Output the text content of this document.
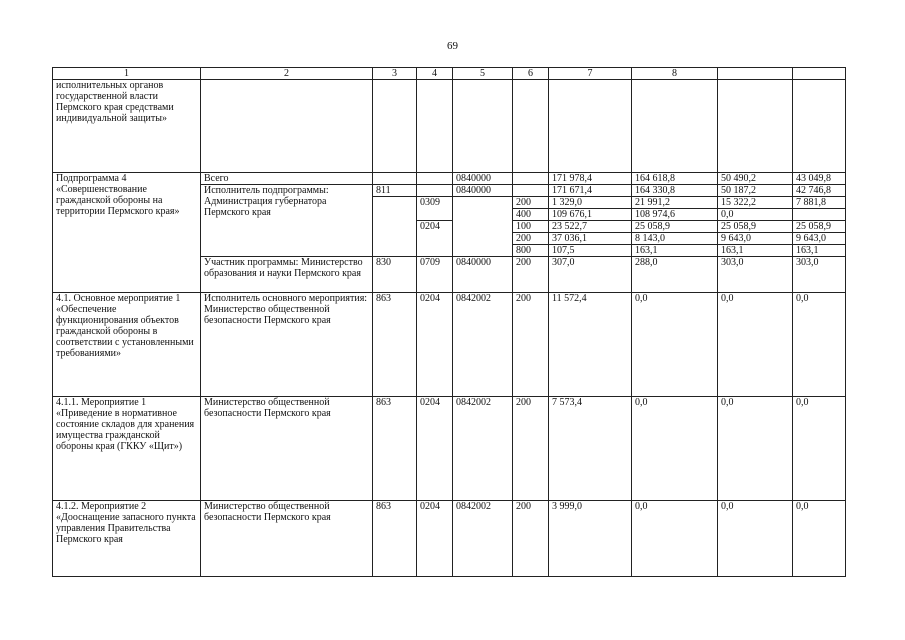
69
1	2	3	4	5	6	7	8		
исполнительных органов государственной власти Пермского края средствами индивидуальной защиты»									
Подпрограмма 4 «Совершенствование гражданской обороны на территории Пермского края»	Всего			0840000		171 978,4	164 618,8	50 490,2	43 049,8
	Исполнитель подпрограммы: Администрация губернатора Пермского края	811		0840000		171 671,4	164 330,8	50 187,2	42 746,8
			0309		200	1 329,0	21 991,2	15 322,2	7 881,8
					400	109 676,1	108 974,6	0,0	
			0204		100	23 522,7	25 058,9	25 058,9	25 058,9
					200	37 036,1	8 143,0	9 643,0	9 643,0
					800	107,5	163,1	163,1	163,1
	Участник программы: Министерство образования и науки Пермского края	830	0709	0840000	200	307,0	288,0	303,0	303,0
4.1. Основное мероприятие 1 «Обеспечение функционирования объектов гражданской обороны в соответствии с установленными требованиями»	Исполнитель основного мероприятия: Министерство общественной безопасности Пермского края	863	0204	0842002	200	11 572,4	0,0	0,0	0,0
4.1.1. Мероприятие 1 «Приведение в нормативное состояние складов для хранения имущества гражданской обороны края (ГККУ «Щит»)	Министерство общественной безопасности Пермского края	863	0204	0842002	200	7 573,4	0,0	0,0	0,0
4.1.2. Мероприятие 2 «Дооснащение запасного пункта управления Правительства Пермского края	Министерство общественной безопасности Пермского края	863	0204	0842002	200	3 999,0	0,0	0,0	0,0
